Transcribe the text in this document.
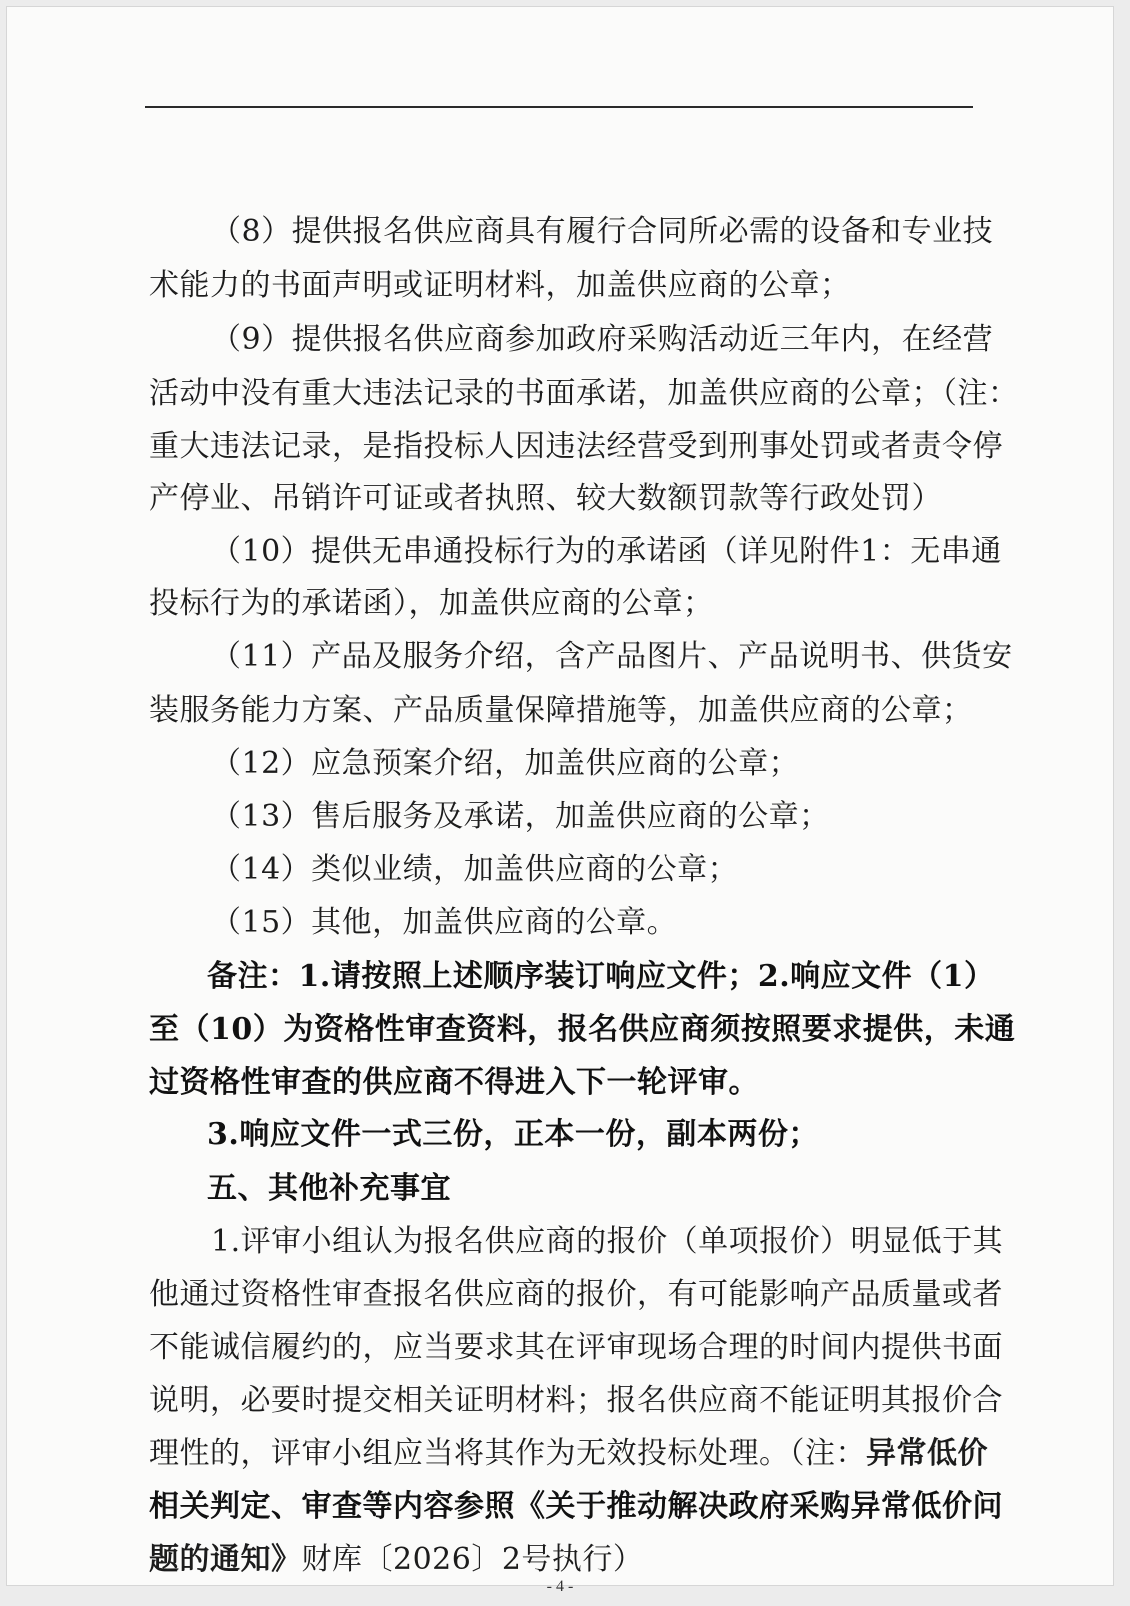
（8）提供报名供应商具有履行合同所必需的设备和专业技
术能力的书面声明或证明材料，加盖供应商的公章；
（9）提供报名供应商参加政府采购活动近三年内，在经营
活动中没有重大违法记录的书面承诺，加盖供应商的公章；（注：
重大违法记录，是指投标人因违法经营受到刑事处罚或者责令停
产停业、吊销许可证或者执照、较大数额罚款等行政处罚）
（10）提供无串通投标行为的承诺函（详见附件1：无串通
投标行为的承诺函），加盖供应商的公章；
（11）产品及服务介绍，含产品图片、产品说明书、供货安
装服务能力方案、产品质量保障措施等，加盖供应商的公章；
（12）应急预案介绍，加盖供应商的公章；
（13）售后服务及承诺，加盖供应商的公章；
（14）类似业绩，加盖供应商的公章；
（15）其他，加盖供应商的公章。
备注：1.请按照上述顺序装订响应文件；2.响应文件（1）
至（10）为资格性审查资料，报名供应商须按照要求提供，未通
过资格性审查的供应商不得进入下一轮评审。
3.响应文件一式三份，正本一份，副本两份；
五、其他补充事宜
1.评审小组认为报名供应商的报价（单项报价）明显低于其
他通过资格性审查报名供应商的报价，有可能影响产品质量或者
不能诚信履约的，应当要求其在评审现场合理的时间内提供书面
说明，必要时提交相关证明材料；报名供应商不能证明其报价合
理性的，评审小组应当将其作为无效投标处理。（注：异常低价
相关判定、审查等内容参照《关于推动解决政府采购异常低价问
题的通知》财库〔2026〕2号执行）
- 4 -
